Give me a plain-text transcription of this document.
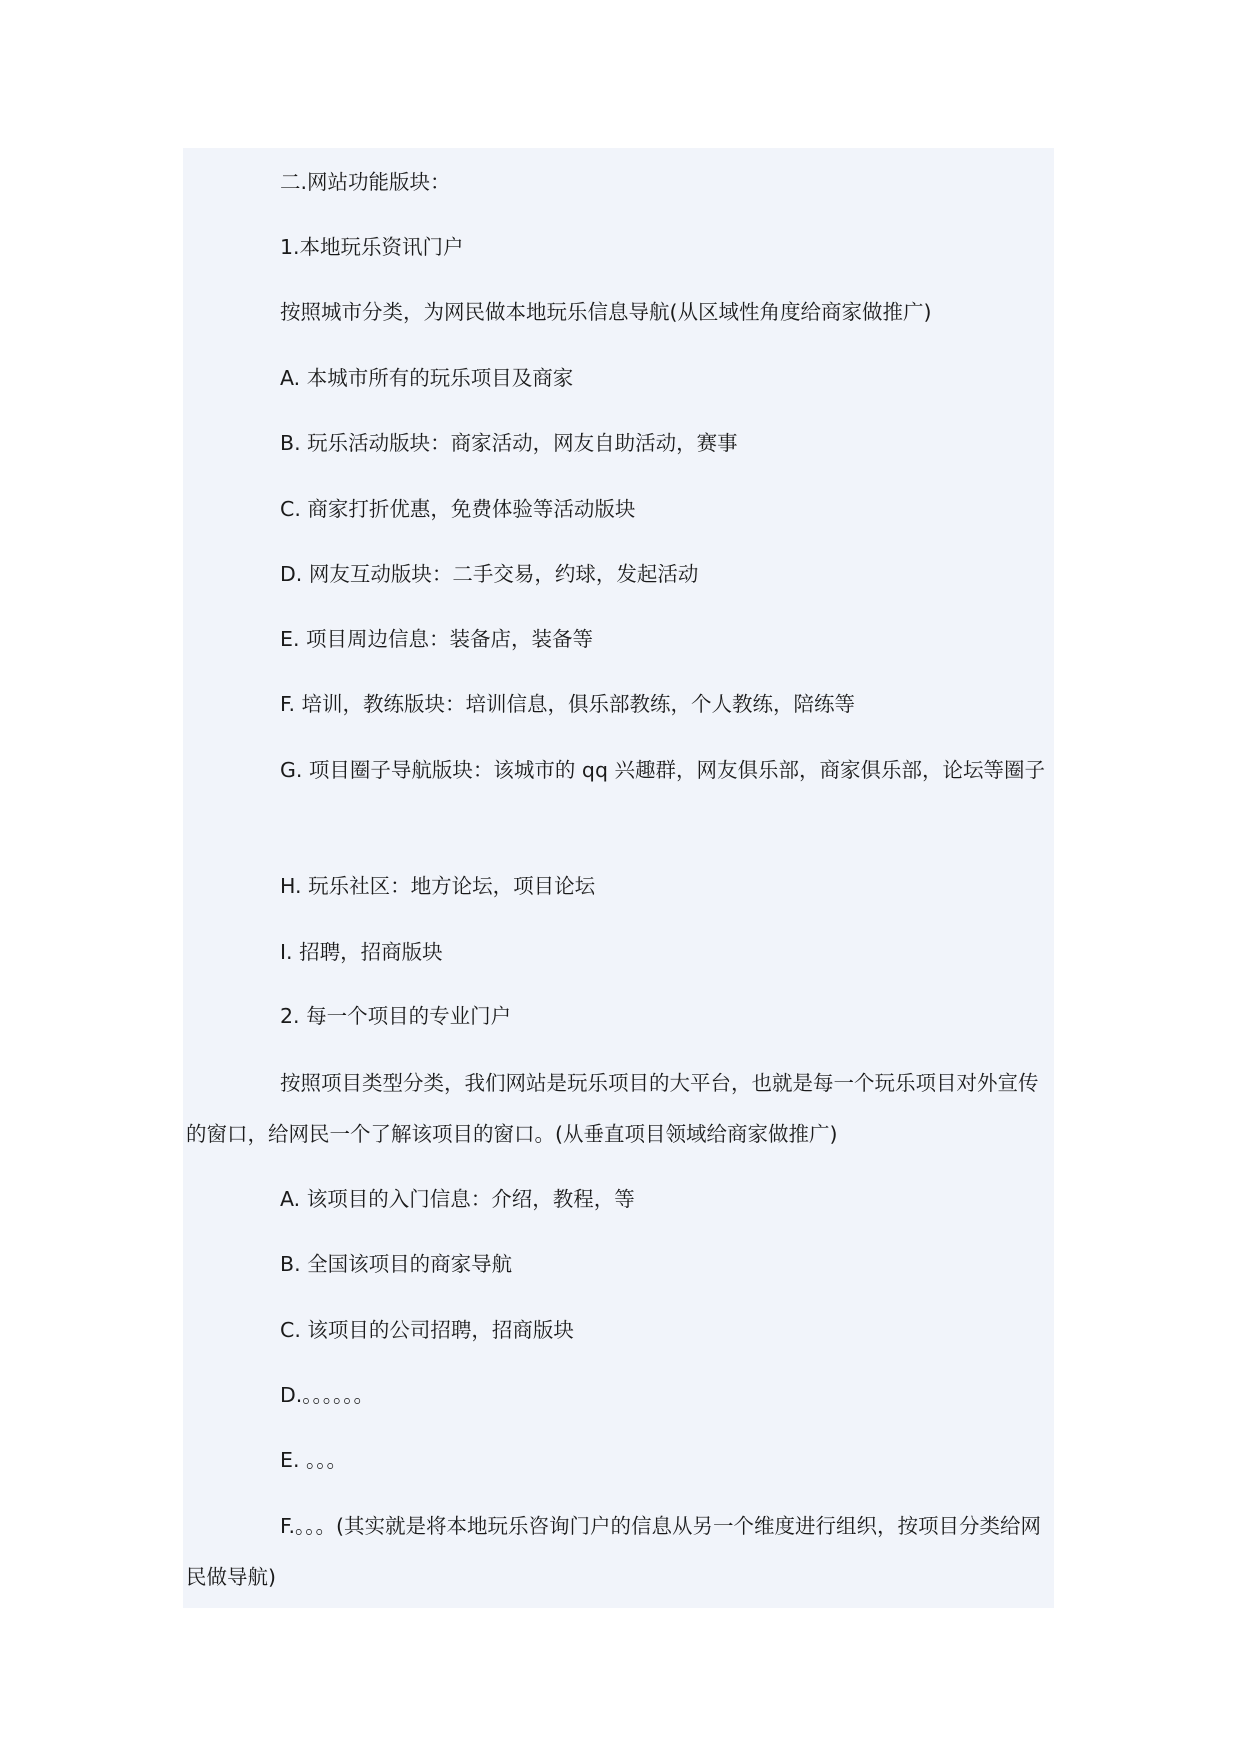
二.网站功能版块：

1.本地玩乐资讯门户

按照城市分类，为网民做本地玩乐信息导航(从区域性角度给商家做推广)

A. 本城市所有的玩乐项目及商家

B. 玩乐活动版块：商家活动，网友自助活动，赛事

C. 商家打折优惠，免费体验等活动版块

D. 网友互动版块：二手交易，约球，发起活动

E. 项目周边信息：装备店，装备等

F. 培训，教练版块：培训信息，俱乐部教练，个人教练，陪练等

G. 项目圈子导航版块：该城市的 qq 兴趣群，网友俱乐部，商家俱乐部，论坛等圈子

H. 玩乐社区：地方论坛，项目论坛

I. 招聘，招商版块

2. 每一个项目的专业门户

按照项目类型分类，我们网站是玩乐项目的大平台，也就是每一个玩乐项目对外宣传的窗口，给网民一个了解该项目的窗口。(从垂直项目领域给商家做推广)

A. 该项目的入门信息：介绍，教程，等

B. 全国该项目的商家导航

C. 该项目的公司招聘，招商版块

D.。。。。。。

E. 。。。

F.。。。(其实就是将本地玩乐咨询门户的信息从另一个维度进行组织，按项目分类给网民做导航)
